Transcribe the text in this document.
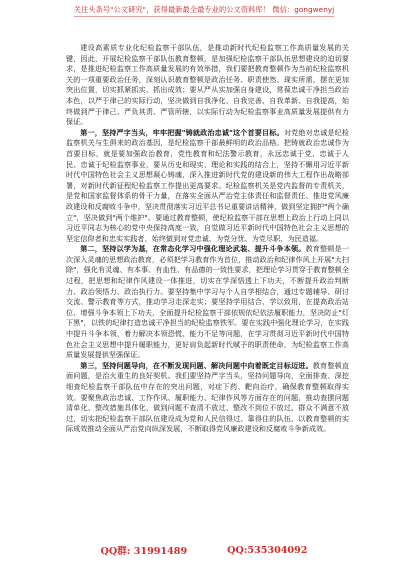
关注头条号"公文研究"，获得最新最全最专业的公文资料库！ 微信：gongwenyj

建设高素质专业化纪检监察干部队伍，是推动新时代纪检监察工作高质量发展的关键，因此，开展纪检监察干部队伍教育整顿，是加强纪检监察干部队伍思想建设的迫切要求，是推进纪检监察工作高质量发展的有效举措，我们要把教育整顿作为当前纪检监察机关的一项重要政治任务，深刻认识教育整顿是政治任务、职责使然、现实所需，摆在更加突出位置，切实抓紧抓实、抓出成效；要从严从实加强自身建设，常葆忠诚干净担当政治本色，以严于律己的实际行动，坚决做到自我净化、自我完善、自我革新、自我提高，始终做到严于律己、严负其责、严管所辖，以实际行动为纪检监察事业高质量发展提供有力保证。

第一，坚持严字当头，牢牢把握"铸就政治忠诚"这个首要目标。对党绝对忠诚是纪检监察机关与生俱来的政治基因，是纪检监察干部最鲜明的政治品格。把铸就政治忠诚作为首要目标，就是要加强政治教育，党性教育和纪法警示教育，永远忠诚于党、忠诚于人民、忠诚于纪检监察事业，要从历史和现实、理论和实践的结合上，坚持不懈用习近平新时代中国特色社会主义思想凝心铸魂，深入推进新时代党的建设新的伟大工程作出战略部署，对新时代新征程纪检监察工作提出更高要求。纪检监察机关是党内监督的专责机关，是党和国家监督体系的骨干力量，在落实全面从严治党主体责任和监督责任、推进党风廉政建设和反腐败斗争中，坚决贯彻落实习近平总书记重要讲话精神，做到坚定拥护"两个确立"，坚决做到"两个维护"。要通过教育整顿，使纪检监察干部在思想上政治上行动上同以习近平同志为核心的党中央保持高度一致，自觉做习近平新时代中国特色社会主义思想的坚定信仰者和忠实实践者，始终做到对党忠诚、为党分忧、为党尽职、为民造福。

第二，坚持以学为基，在常态化学习中强化理论武装、提升斗争本领。教育整顿是一次深入灵魂的思想政治教育，必须把学习教育作为首位，推动政治和纪律作风上开展"大扫除"，强化有灵魂、有本事、有血性、有品德的一致性要求，把理论学习贯穿于教育整顿全过程，把思想和纪律作风建设一体推进，切实在学深悟透上下功夫，不断提升政治判断力、政治领悟力、政治执行力。要坚持集中学习与个人自学相结合，通过专题辅导、研讨交流、警示教育等方式，推动学习走深走实；要坚持学用结合、学以致用，在提高政治站位、增强斗争本领上下功夫，全面提升纪检监察干部依规依纪依法履职能力，坚决防止"灯下黑"，以铁的纪律打造忠诚干净担当的纪检监察铁军。要在实践中强化理论学习，在实践中提升斗争本领，着力解决本领恐慌、能力不足等问题，在学习贯彻习近平新时代中国特色社会主义思想中提升履职能力，更好肩负起新时代赋予的职责使命，为纪检监察工作高质量发展提供坚强保证。

第三，坚持问题导向，在不断发现问题、解决问题中向着既定目标迈进。教育整顿直面问题，是治火重生的良好契机。我们要坚持严字当头，坚持问题导向，全面排查、深挖细查纪检监察干部队伍中存在的突出问题，对症下药、靶向治疗，确保教育整顿取得实效。要聚焦政治忠诚、工作作风、履职能力、纪律作风等方面存在的问题，推动查摆问题清单化、整改措施具体化，做到问题不查清不放过、整改不到位不放过、群众不满意不放过，切实把纪检监察干部队伍建设成为党和人民信得过、靠得住的队伍，以教育整顿的实际成效推动全面从严治党向纵深发展，不断取得党风廉政建设和反腐败斗争新成效。

QQ群: 31991489	QQ:535304092
